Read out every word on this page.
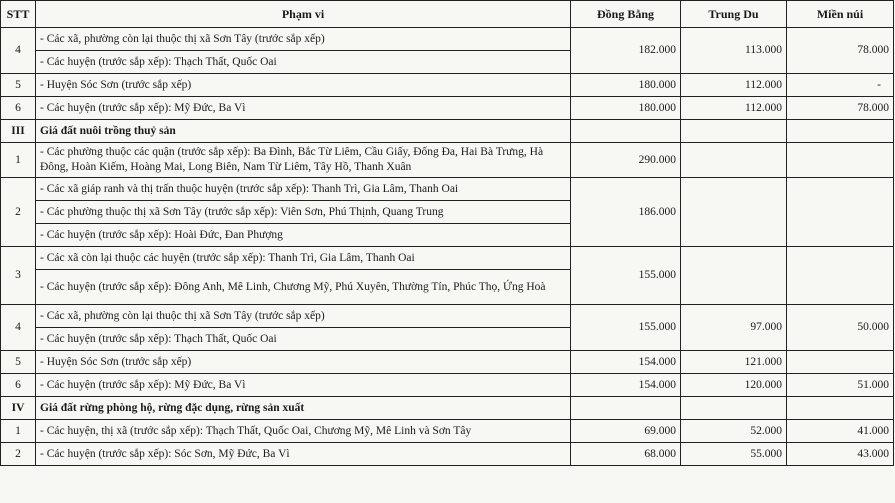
STT	Phạm vi	Đồng Bằng	Trung Du	Miền núi
4	- Các xã, phường còn lại thuộc thị xã Sơn Tây (trước sắp xếp)	182.000	113.000	78.000
	- Các huyện (trước sắp xếp): Thạch Thất, Quốc Oai			
5	- Huyện Sóc Sơn (trước sắp xếp)	180.000	112.000	-
6	- Các huyện (trước sắp xếp): Mỹ Đức, Ba Vì	180.000	112.000	78.000
III	Giá đất nuôi trồng thuỷ sản			
1	- Các phường thuộc các quận (trước sắp xếp): Ba Đình, Bắc Từ Liêm, Cầu Giấy, Đống Đa, Hai Bà Trưng, Hà Đông, Hoàn Kiếm, Hoàng Mai, Long Biên, Nam Từ Liêm, Tây Hồ, Thanh Xuân	290.000		
2	- Các xã giáp ranh và thị trấn thuộc huyện (trước sắp xếp): Thanh Trì, Gia Lâm, Thanh Oai	186.000		
	- Các phường thuộc thị xã Sơn Tây (trước sắp xếp): Viên Sơn, Phú Thịnh, Quang Trung			
	- Các huyện (trước sắp xếp): Hoài Đức, Đan Phượng			
3	- Các xã còn lại thuộc các huyện (trước sắp xếp): Thanh Trì, Gia Lâm, Thanh Oai	155.000		
	- Các huyện (trước sắp xếp): Đông Anh, Mê Linh, Chương Mỹ, Phú Xuyên, Thường Tín, Phúc Thọ, Ứng Hoà			
4	- Các xã, phường còn lại thuộc thị xã Sơn Tây (trước sắp xếp)	155.000	97.000	50.000
	- Các huyện (trước sắp xếp): Thạch Thất, Quốc Oai			
5	- Huyện Sóc Sơn (trước sắp xếp)	154.000	121.000	
6	- Các huyện (trước sắp xếp): Mỹ Đức, Ba Vì	154.000	120.000	51.000
IV	Giá đất rừng phòng hộ, rừng đặc dụng, rừng sản xuất			
1	- Các huyện, thị xã (trước sắp xếp): Thạch Thất, Quốc Oai, Chương Mỹ, Mê Linh và Sơn Tây	69.000	52.000	41.000
2	- Các huyện (trước sắp xếp): Sóc Sơn, Mỹ Đức, Ba Vì	68.000	55.000	43.000
